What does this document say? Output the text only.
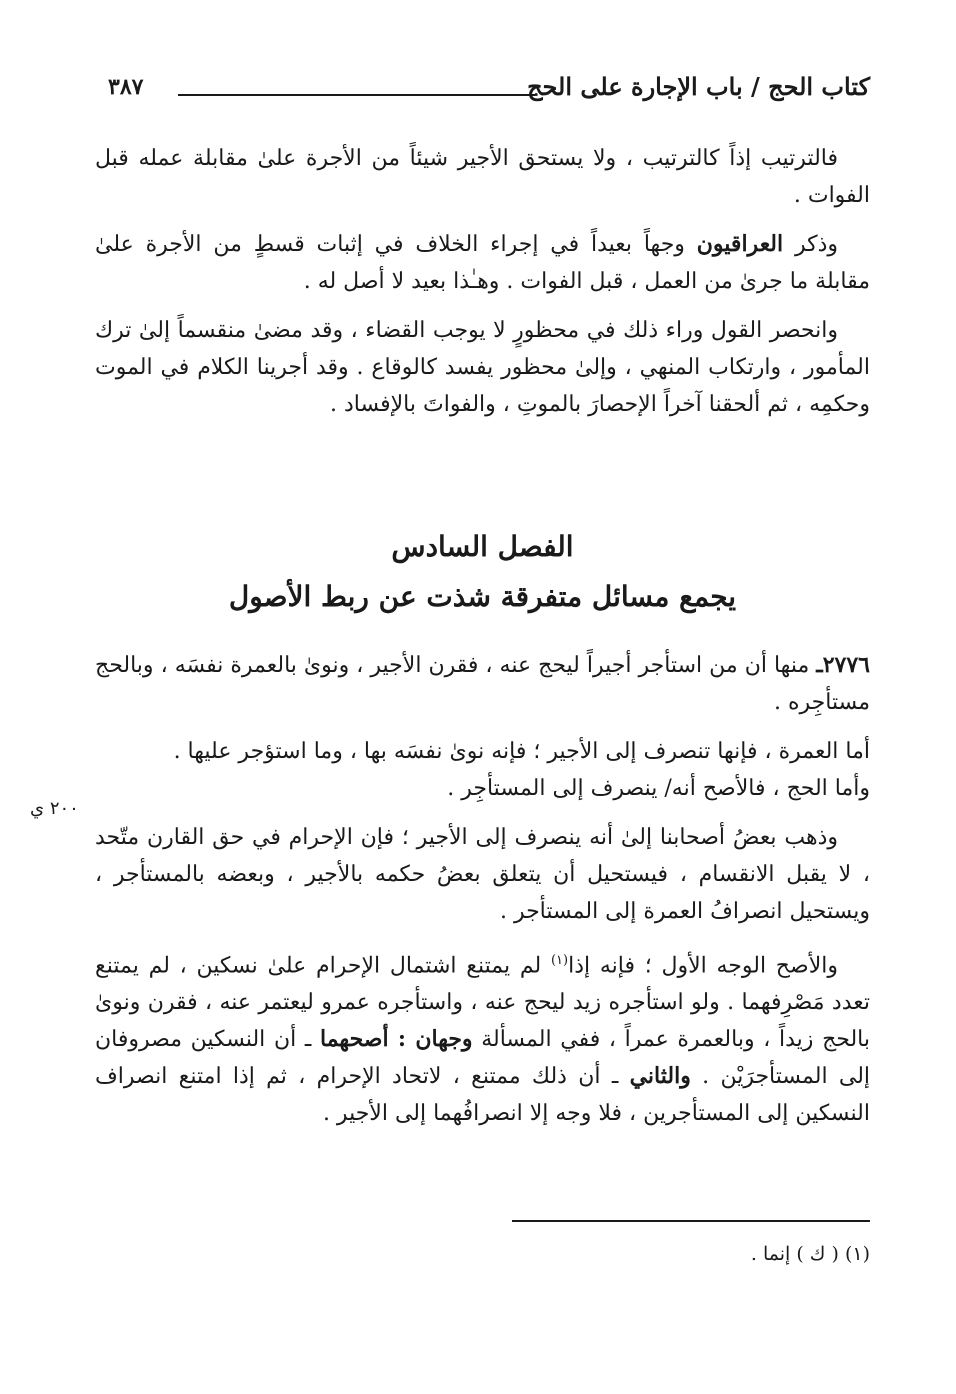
كتاب الحج / باب الإجارة على الحج
٣٨٧

فالترتيب إذاً كالترتيب ، ولا يستحق الأجير شيئاً من الأجرة علىٰ مقابلة عمله قبل الفوات .

وذكر العراقيون وجهاً بعيداً في إجراء الخلاف في إثبات قسطٍ من الأجرة علىٰ مقابلة ما جرىٰ من العمل ، قبل الفوات . وهـٰذا بعيد لا أصل له .

وانحصر القول وراء ذلك في محظورٍ لا يوجب القضاء ، وقد مضىٰ منقسماً إلىٰ ترك المأمور ، وارتكاب المنهي ، وإلىٰ محظور يفسد كالوقاع . وقد أجرينا الكلام في الموت وحكمِه ، ثم ألحقنا آخراً الإحصارَ بالموتِ ، والفواتَ بالإفساد .

الفصل السادس
يجمع مسائل متفرقة شذت عن ربط الأصول

٢٧٧٦ـ منها أن من استأجر أجيراً ليحج عنه ، فقرن الأجير ، ونوىٰ بالعمرة نفسَه ، وبالحج مستأجِره .

أما العمرة ، فإنها تنصرف إلى الأجير ؛ فإنه نوىٰ نفسَه بها ، وما استؤجر عليها .

وأما الحج ، فالأصح أنه/ ينصرف إلى المستأجِر .

وذهب بعضُ أصحابنا إلىٰ أنه ينصرف إلى الأجير ؛ فإن الإحرام في حق القارن متّحد ، لا يقبل الانقسام ، فيستحيل أن يتعلق بعضُ حكمه بالأجير ، وبعضه بالمستأجر ، ويستحيل انصرافُ العمرة إلى المستأجر .

والأصح الوجه الأول ؛ فإنه إذا$^{(١)}$ لم يمتنع اشتمال الإحرام علىٰ نسكين ، لم يمتنع تعدد مَصْرِفهما . ولو استأجره زيد ليحج عنه ، واستأجره عمرو ليعتمر عنه ، فقرن ونوىٰ بالحج زيداً ، وبالعمرة عمراً ، ففي المسألة وجهان : أصحهما ـ أن النسكين مصروفان إلى المستأجرَيْن . والثاني ـ أن ذلك ممتنع ، لاتحاد الإحرام ، ثم إذا امتنع انصراف النسكين إلى المستأجرين ، فلا وجه إلا انصرافُهما إلى الأجير .

٢٠٠ ي
(١) ( ك ) إنما .
